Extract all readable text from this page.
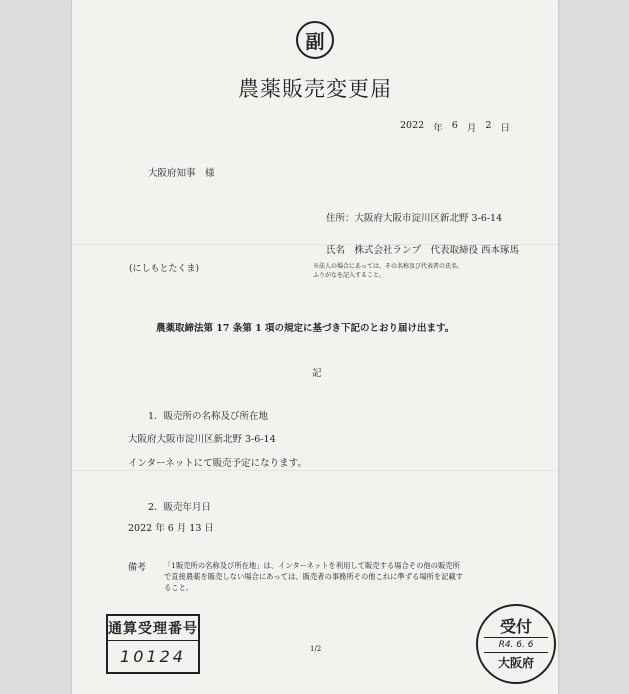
副
農薬販売変更届
2022 年 6 月 2 日
大阪府知事　様
住所：大阪府大阪市淀川区新北野 3-6-14
氏名　株式会社ランプ　代表取締役 西本琢馬
(にしもとたくま)	※法人の場合にあっては、その名称及び代表者の氏名。
ふりがなを記入すること。
農薬取締法第 17 条第 1 項の規定に基づき下記のとおり届け出ます。
記
1．販売所の名称及び所在地
大阪府大阪市淀川区新北野 3-6-14
インターネットにて販売予定になります。
2．販売年月日
2022 年 6 月 13 日
備考 「1販売所の名称及び所在地」は、インターネットを利用して販売する場合その他の販売所
で直接農薬を販売しない場合にあっては、販売者の事務所その他これに準ずる場所を記載す
ること。
1/2
通算受理番号
10124
受付
R4. 6. 6
大阪府
